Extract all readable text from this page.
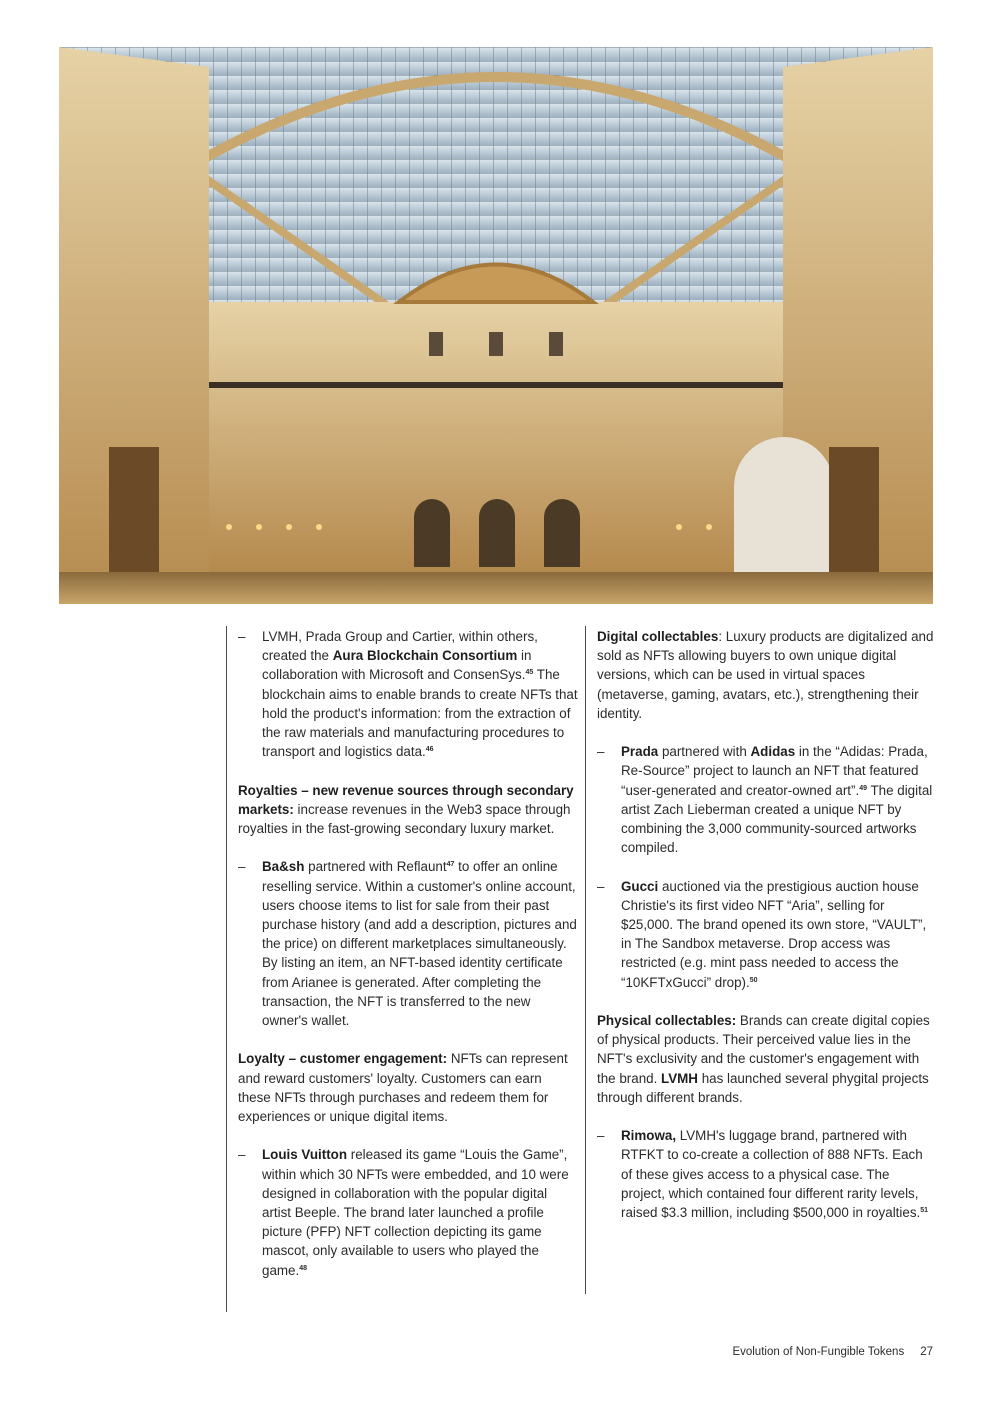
– LVMH, Prada Group and Cartier, within others, created the Aura Blockchain Consortium in collaboration with Microsoft and ConsenSys.$^{45}$ The blockchain aims to enable brands to create NFTs that hold the product's information: from the extraction of the raw materials and manufacturing procedures to transport and logistics data.$^{46}$

Royalties – new revenue sources through secondary markets: increase revenues in the Web3 space through royalties in the fast-growing secondary luxury market.

– Ba&sh partnered with Reflaunt$^{47}$ to offer an online reselling service. Within a customer's online account, users choose items to list for sale from their past purchase history (and add a description, pictures and the price) on different marketplaces simultaneously. By listing an item, an NFT-based identity certificate from Arianee is generated. After completing the transaction, the NFT is transferred to the new owner's wallet.

Loyalty – customer engagement: NFTs can represent and reward customers' loyalty. Customers can earn these NFTs through purchases and redeem them for experiences or unique digital items.

– Louis Vuitton released its game “Louis the Game”, within which 30 NFTs were embedded, and 10 were designed in collaboration with the popular digital artist Beeple. The brand later launched a profile picture (PFP) NFT collection depicting its game mascot, only available to users who played the game.$^{48}$

Digital collectables: Luxury products are digitalized and sold as NFTs allowing buyers to own unique digital versions, which can be used in virtual spaces (metaverse, gaming, avatars, etc.), strengthening their identity.

– Prada partnered with Adidas in the “Adidas: Prada, Re-Source” project to launch an NFT that featured “user-generated and creator-owned art”.$^{49}$ The digital artist Zach Lieberman created a unique NFT by combining the 3,000 community-sourced artworks compiled.
– Gucci auctioned via the prestigious auction house Christie's its first video NFT “Aria”, selling for $25,000. The brand opened its own store, “VAULT”, in The Sandbox metaverse. Drop access was restricted (e.g. mint pass needed to access the “10KFTxGucci” drop).$^{50}$

Physical collectables: Brands can create digital copies of physical products. Their perceived value lies in the NFT's exclusivity and the customer's engagement with the brand. LVMH has launched several phygital projects through different brands.

– Rimowa, LVMH's luggage brand, partnered with RTFKT to co-create a collection of 888 NFTs. Each of these gives access to a physical case. The project, which contained four different rarity levels, raised $3.3 million, including $500,000 in royalties.$^{51}$
Evolution of Non-Fungible Tokens 27
